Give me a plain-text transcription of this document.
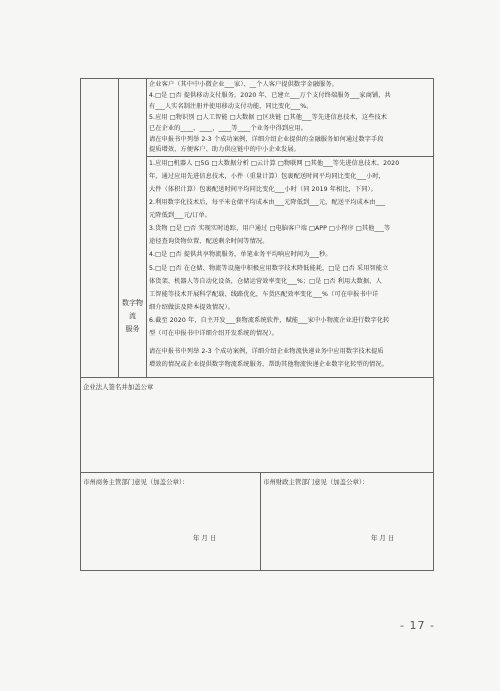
企业客户（其中中小微企业___家）、__个人客户提供数字金融服务。
4.□是 □否 提供移动支付服务，2020 年，已建立___万个支付终端服务___家商铺，共
有___人实名制注册并使用移动支付功能，同比变化___%。
5.应用 □物识别 □人工智能 □大数据 □区块链 □其他___等先进信息技术，这些技术
已在企业的____、____、____等____个业务中得到应用。
请在申报书中列举 2-3 个成功案例，详细介绍企业提供的金融服务如何通过数字手段
提质增效、方便客户、助力供应链中的中小企业发展。
数字物流
服务
1.应用□机器人 □5G □大数据分析 □云计算 □物联网 □其他___等先进信息技术。2020
年，通过应用先进信息技术，小件（重量计算）包裹配送时间平均同比变化___小时，
大件（体积计算）包裹配送时间平均同比变化___小时（同 2019 年相比，下同）。
2.利用数字化技术后，每平米仓储平均成本由___元降低到___元，配送平均成本由___
元降低到___元/订单。
3.货物 □是 □否 实现实时追踪，用户通过 □电脑客户端 □APP □小程序 □其他___等
途径查询货物位置、配送剩余时间等情况。
4.□是 □否 提供共享物流服务，单笔业务平均响应时间为___秒。
5.□是 □否 在仓储、物流等设施中积极应用数字技术降低能耗，□是 □否 采用智能立
体货架、机器人等自动化设备，仓储运营效率变化___%；□是 □否 利用大数据、人
工智能等技术开展科学配载、线路优化，车货匹配效率变化___%（可在申报书中详
细介绍做法及降本提效情况）。
6.截至 2020 年，自主开发___套物流系统软件，赋能___家中小物流企业进行数字化转
型（可在申报书中详细介绍开发系统的情况）。
请在申报书中列举 2-3 个成功案例，详细介绍企业物流快递业务中应用数字技术提质
增效的情况或企业提供数字物流系统服务，帮助其他物流快递企业数字化转型的情况。
企业法人签名并加盖公章
市州商务主管部门意见（加盖公章）：	市州财政主管部门意见（加盖公章）：
年 月 日	年 月 日
- 17 -
